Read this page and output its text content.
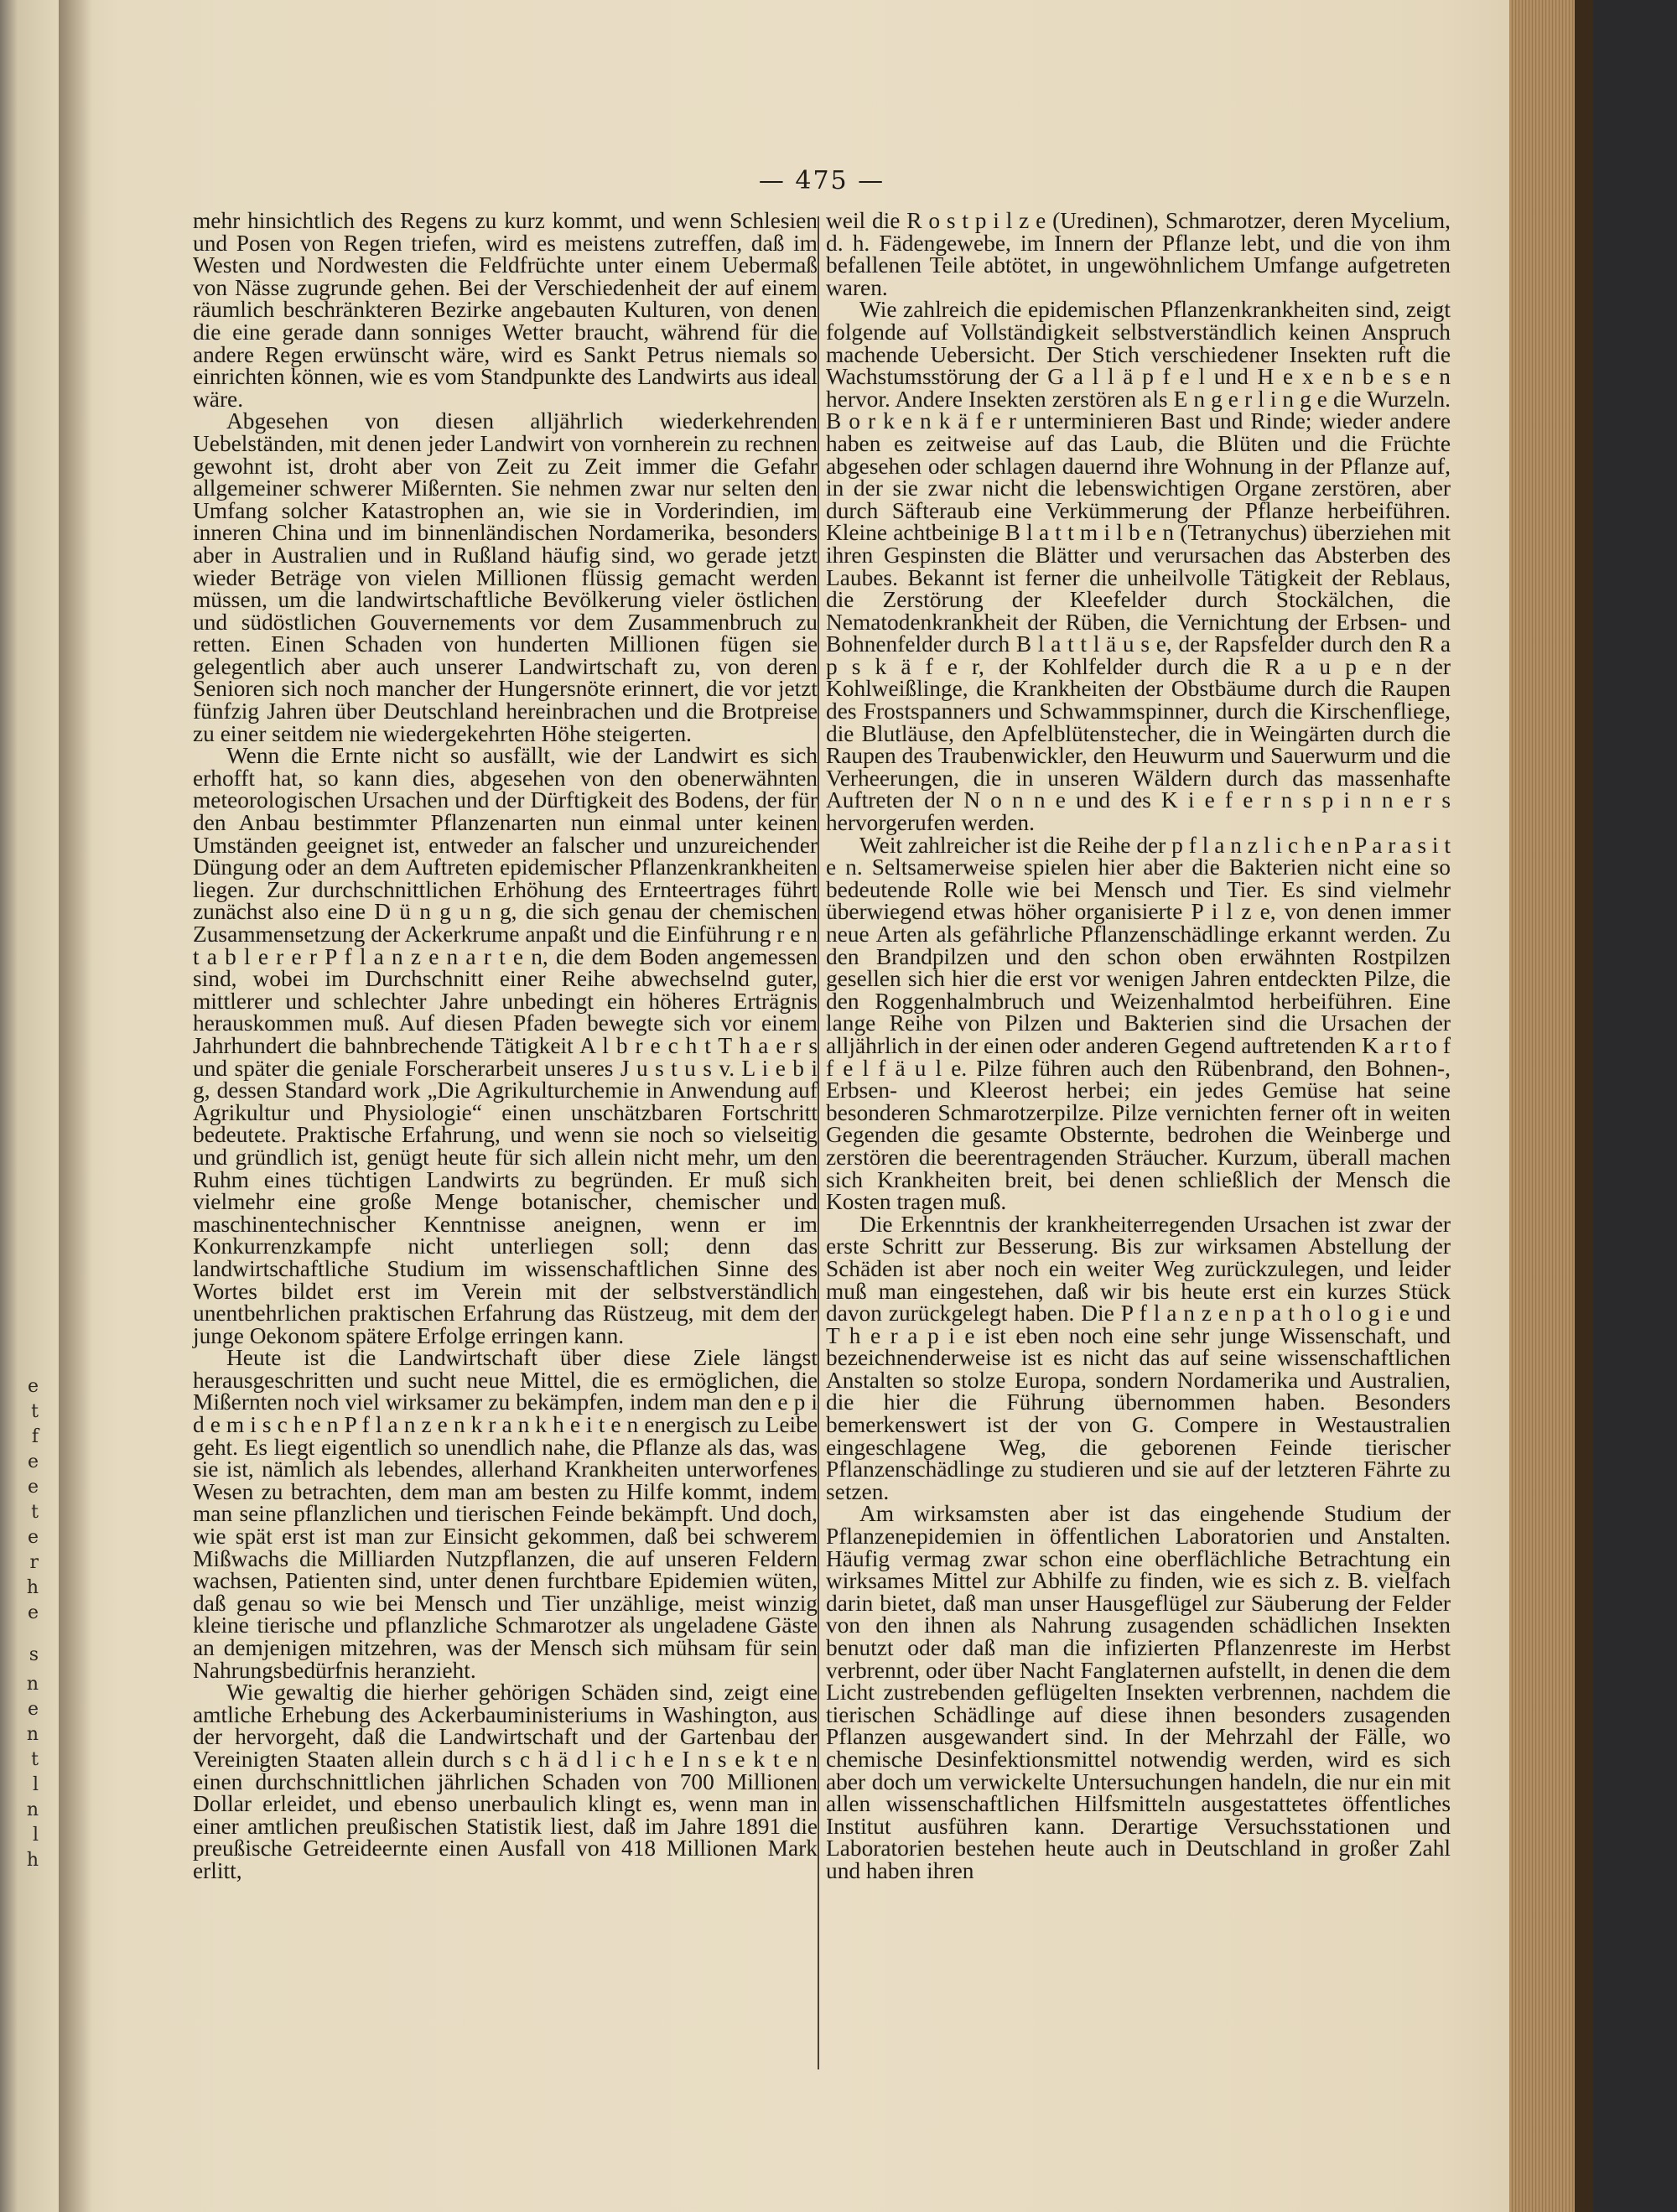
e
t
f
e
e
t
e
r
h
e
s
n
e
n
t
l
n
l
h
— 475 —

mehr hinsichtlich des Regens zu kurz kommt, und wenn Schlesien und Posen von Regen triefen, wird es meistens zutreffen, daß im Westen und Nordwesten die Feldfrüchte unter einem Uebermaß von Nässe zugrunde gehen. Bei der Verschiedenheit der auf einem räumlich beschränkteren Bezirke angebauten Kulturen, von denen die eine gerade dann sonniges Wetter braucht, während für die andere Regen erwünscht wäre, wird es Sankt Petrus niemals so einrichten können, wie es vom Standpunkte des Landwirts aus ideal wäre.

Abgesehen von diesen alljährlich wiederkehrenden Uebelständen, mit denen jeder Landwirt von vornherein zu rechnen gewohnt ist, droht aber von Zeit zu Zeit immer die Gefahr allgemeiner schwerer Mißernten. Sie nehmen zwar nur selten den Umfang solcher Katastrophen an, wie sie in Vorderindien, im inneren China und im binnenländischen Nordamerika, besonders aber in Australien und in Rußland häufig sind, wo gerade jetzt wieder Beträge von vielen Millionen flüssig gemacht werden müssen, um die landwirtschaftliche Bevölkerung vieler östlichen und südöstlichen Gouvernements vor dem Zusammenbruch zu retten. Einen Schaden von hunderten Millionen fügen sie gelegentlich aber auch unserer Landwirtschaft zu, von deren Senioren sich noch mancher der Hungersnöte erinnert, die vor jetzt fünfzig Jahren über Deutschland hereinbrachen und die Brotpreise zu einer seitdem nie wiedergekehrten Höhe steigerten.

Wenn die Ernte nicht so ausfällt, wie der Landwirt es sich erhofft hat, so kann dies, abgesehen von den obenerwähnten meteorologischen Ursachen und der Dürftigkeit des Bodens, der für den Anbau bestimmter Pflanzenarten nun einmal unter keinen Umständen geeignet ist, entweder an falscher und unzureichender Düngung oder an dem Auftreten epidemischer Pflanzenkrankheiten liegen. Zur durchschnittlichen Erhöhung des Ernteertrages führt zunächst also eine D ü n g u n g, die sich genau der chemischen Zusammensetzung der Ackerkrume anpaßt und die Einführung r e n t a b l e r e r P f l a n z e n a r t e n, die dem Boden angemessen sind, wobei im Durchschnitt einer Reihe abwechselnd guter, mittlerer und schlechter Jahre unbedingt ein höheres Erträgnis herauskommen muß. Auf diesen Pfaden bewegte sich vor einem Jahrhundert die bahnbrechende Tätigkeit A l b r e c h t T h a e r s und später die geniale Forscherarbeit unseres J u s t u s v. L i e b i g, dessen Standard work „Die Agrikulturchemie in Anwendung auf Agrikultur und Physiologie“ einen unschätzbaren Fortschritt bedeutete. Praktische Erfahrung, und wenn sie noch so vielseitig und gründlich ist, genügt heute für sich allein nicht mehr, um den Ruhm eines tüchtigen Landwirts zu begründen. Er muß sich vielmehr eine große Menge botanischer, chemischer und maschinentechnischer Kenntnisse aneignen, wenn er im Konkurrenzkampfe nicht unterliegen soll; denn das landwirtschaftliche Studium im wissenschaftlichen Sinne des Wortes bildet erst im Verein mit der selbstverständlich unentbehrlichen praktischen Erfahrung das Rüstzeug, mit dem der junge Oekonom spätere Erfolge erringen kann.

Heute ist die Landwirtschaft über diese Ziele längst herausgeschritten und sucht neue Mittel, die es ermöglichen, die Mißernten noch viel wirksamer zu bekämpfen, indem man den e p i d e m i s c h e n P f l a n z e n k r a n k h e i t e n energisch zu Leibe geht. Es liegt eigentlich so unendlich nahe, die Pflanze als das, was sie ist, nämlich als lebendes, allerhand Krankheiten unterworfenes Wesen zu betrachten, dem man am besten zu Hilfe kommt, indem man seine pflanzlichen und tierischen Feinde bekämpft. Und doch, wie spät erst ist man zur Einsicht gekommen, daß bei schwerem Mißwachs die Milliarden Nutzpflanzen, die auf unseren Feldern wachsen, Patienten sind, unter denen furchtbare Epidemien wüten, daß genau so wie bei Mensch und Tier unzählige, meist winzig kleine tierische und pflanzliche Schmarotzer als ungeladene Gäste an demjenigen mitzehren, was der Mensch sich mühsam für sein Nahrungsbedürfnis heranzieht.

Wie gewaltig die hierher gehörigen Schäden sind, zeigt eine amtliche Erhebung des Ackerbauministeriums in Washington, aus der hervorgeht, daß die Landwirtschaft und der Gartenbau der Vereinigten Staaten allein durch s c h ä d l i c h e I n s e k t e n einen durchschnittlichen jährlichen Schaden von 700 Millionen Dollar erleidet, und ebenso unerbaulich klingt es, wenn man in einer amtlichen preußischen Statistik liest, daß im Jahre 1891 die preußische Getreideernte einen Ausfall von 418 Millionen Mark erlitt,

weil die R o s t p i l z e (Uredinen), Schmarotzer, deren Mycelium, d. h. Fädengewebe, im Innern der Pflanze lebt, und die von ihm befallenen Teile abtötet, in ungewöhnlichem Umfange aufgetreten waren.

Wie zahlreich die epidemischen Pflanzenkrankheiten sind, zeigt folgende auf Vollständigkeit selbstverständlich keinen Anspruch machende Uebersicht. Der Stich verschiedener Insekten ruft die Wachstumsstörung der G a l l ä p f e l und H e x e n b e s e n hervor. Andere Insekten zerstören als E n g e r l i n g e die Wurzeln. B o r k e n k ä f e r unterminieren Bast und Rinde; wieder andere haben es zeitweise auf das Laub, die Blüten und die Früchte abgesehen oder schlagen dauernd ihre Wohnung in der Pflanze auf, in der sie zwar nicht die lebenswichtigen Organe zerstören, aber durch Säfteraub eine Verkümmerung der Pflanze herbeiführen. Kleine achtbeinige B l a t t m i l b e n (Tetranychus) überziehen mit ihren Gespinsten die Blätter und verursachen das Absterben des Laubes. Bekannt ist ferner die unheilvolle Tätigkeit der Reblaus, die Zerstörung der Kleefelder durch Stockälchen, die Nematodenkrankheit der Rüben, die Vernichtung der Erbsen- und Bohnenfelder durch B l a t t l ä u s e, der Rapsfelder durch den R a p s k ä f e r, der Kohlfelder durch die R a u p e n der Kohlweißlinge, die Krankheiten der Obstbäume durch die Raupen des Frostspanners und Schwammspinner, durch die Kirschenfliege, die Blutläuse, den Apfelblütenstecher, die in Weingärten durch die Raupen des Traubenwickler, den Heuwurm und Sauerwurm und die Verheerungen, die in unseren Wäldern durch das massenhafte Auftreten der N o n n e und des K i e f e r n s p i n n e r s hervorgerufen werden.

Weit zahlreicher ist die Reihe der p f l a n z l i c h e n P a r a s i t e n. Seltsamerweise spielen hier aber die Bakterien nicht eine so bedeutende Rolle wie bei Mensch und Tier. Es sind vielmehr überwiegend etwas höher organisierte P i l z e, von denen immer neue Arten als gefährliche Pflanzenschädlinge erkannt werden. Zu den Brandpilzen und den schon oben erwähnten Rostpilzen gesellen sich hier die erst vor wenigen Jahren entdeckten Pilze, die den Roggenhalmbruch und Weizenhalmtod herbeiführen. Eine lange Reihe von Pilzen und Bakterien sind die Ursachen der alljährlich in der einen oder anderen Gegend auftretenden K a r t o f f e l f ä u l e. Pilze führen auch den Rübenbrand, den Bohnen-, Erbsen- und Kleerost herbei; ein jedes Gemüse hat seine besonderen Schmarotzerpilze. Pilze vernichten ferner oft in weiten Gegenden die gesamte Obsternte, bedrohen die Weinberge und zerstören die beerentragenden Sträucher. Kurzum, überall machen sich Krankheiten breit, bei denen schließlich der Mensch die Kosten tragen muß.

Die Erkenntnis der krankheiterregenden Ursachen ist zwar der erste Schritt zur Besserung. Bis zur wirksamen Abstellung der Schäden ist aber noch ein weiter Weg zurückzulegen, und leider muß man eingestehen, daß wir bis heute erst ein kurzes Stück davon zurückgelegt haben. Die P f l a n z e n p a t h o l o g i e und T h e r a p i e ist eben noch eine sehr junge Wissenschaft, und bezeichnenderweise ist es nicht das auf seine wissenschaftlichen Anstalten so stolze Europa, sondern Nordamerika und Australien, die hier die Führung übernommen haben. Besonders bemerkenswert ist der von G. Compere in Westaustralien eingeschlagene Weg, die geborenen Feinde tierischer Pflanzenschädlinge zu studieren und sie auf der letzteren Fährte zu setzen.

Am wirksamsten aber ist das eingehende Studium der Pflanzenepidemien in öffentlichen Laboratorien und Anstalten. Häufig vermag zwar schon eine oberflächliche Betrachtung ein wirksames Mittel zur Abhilfe zu finden, wie es sich z. B. vielfach darin bietet, daß man unser Hausgeflügel zur Säuberung der Felder von den ihnen als Nahrung zusagenden schädlichen Insekten benutzt oder daß man die infizierten Pflanzenreste im Herbst verbrennt, oder über Nacht Fanglaternen aufstellt, in denen die dem Licht zustrebenden geflügelten Insekten verbrennen, nachdem die tierischen Schädlinge auf diese ihnen besonders zusagenden Pflanzen ausgewandert sind. In der Mehrzahl der Fälle, wo chemische Desinfektionsmittel notwendig werden, wird es sich aber doch um verwickelte Untersuchungen handeln, die nur ein mit allen wissenschaftlichen Hilfsmitteln ausgestattetes öffentliches Institut ausführen kann. Derartige Versuchsstationen und Laboratorien bestehen heute auch in Deutschland in großer Zahl und haben ihren
